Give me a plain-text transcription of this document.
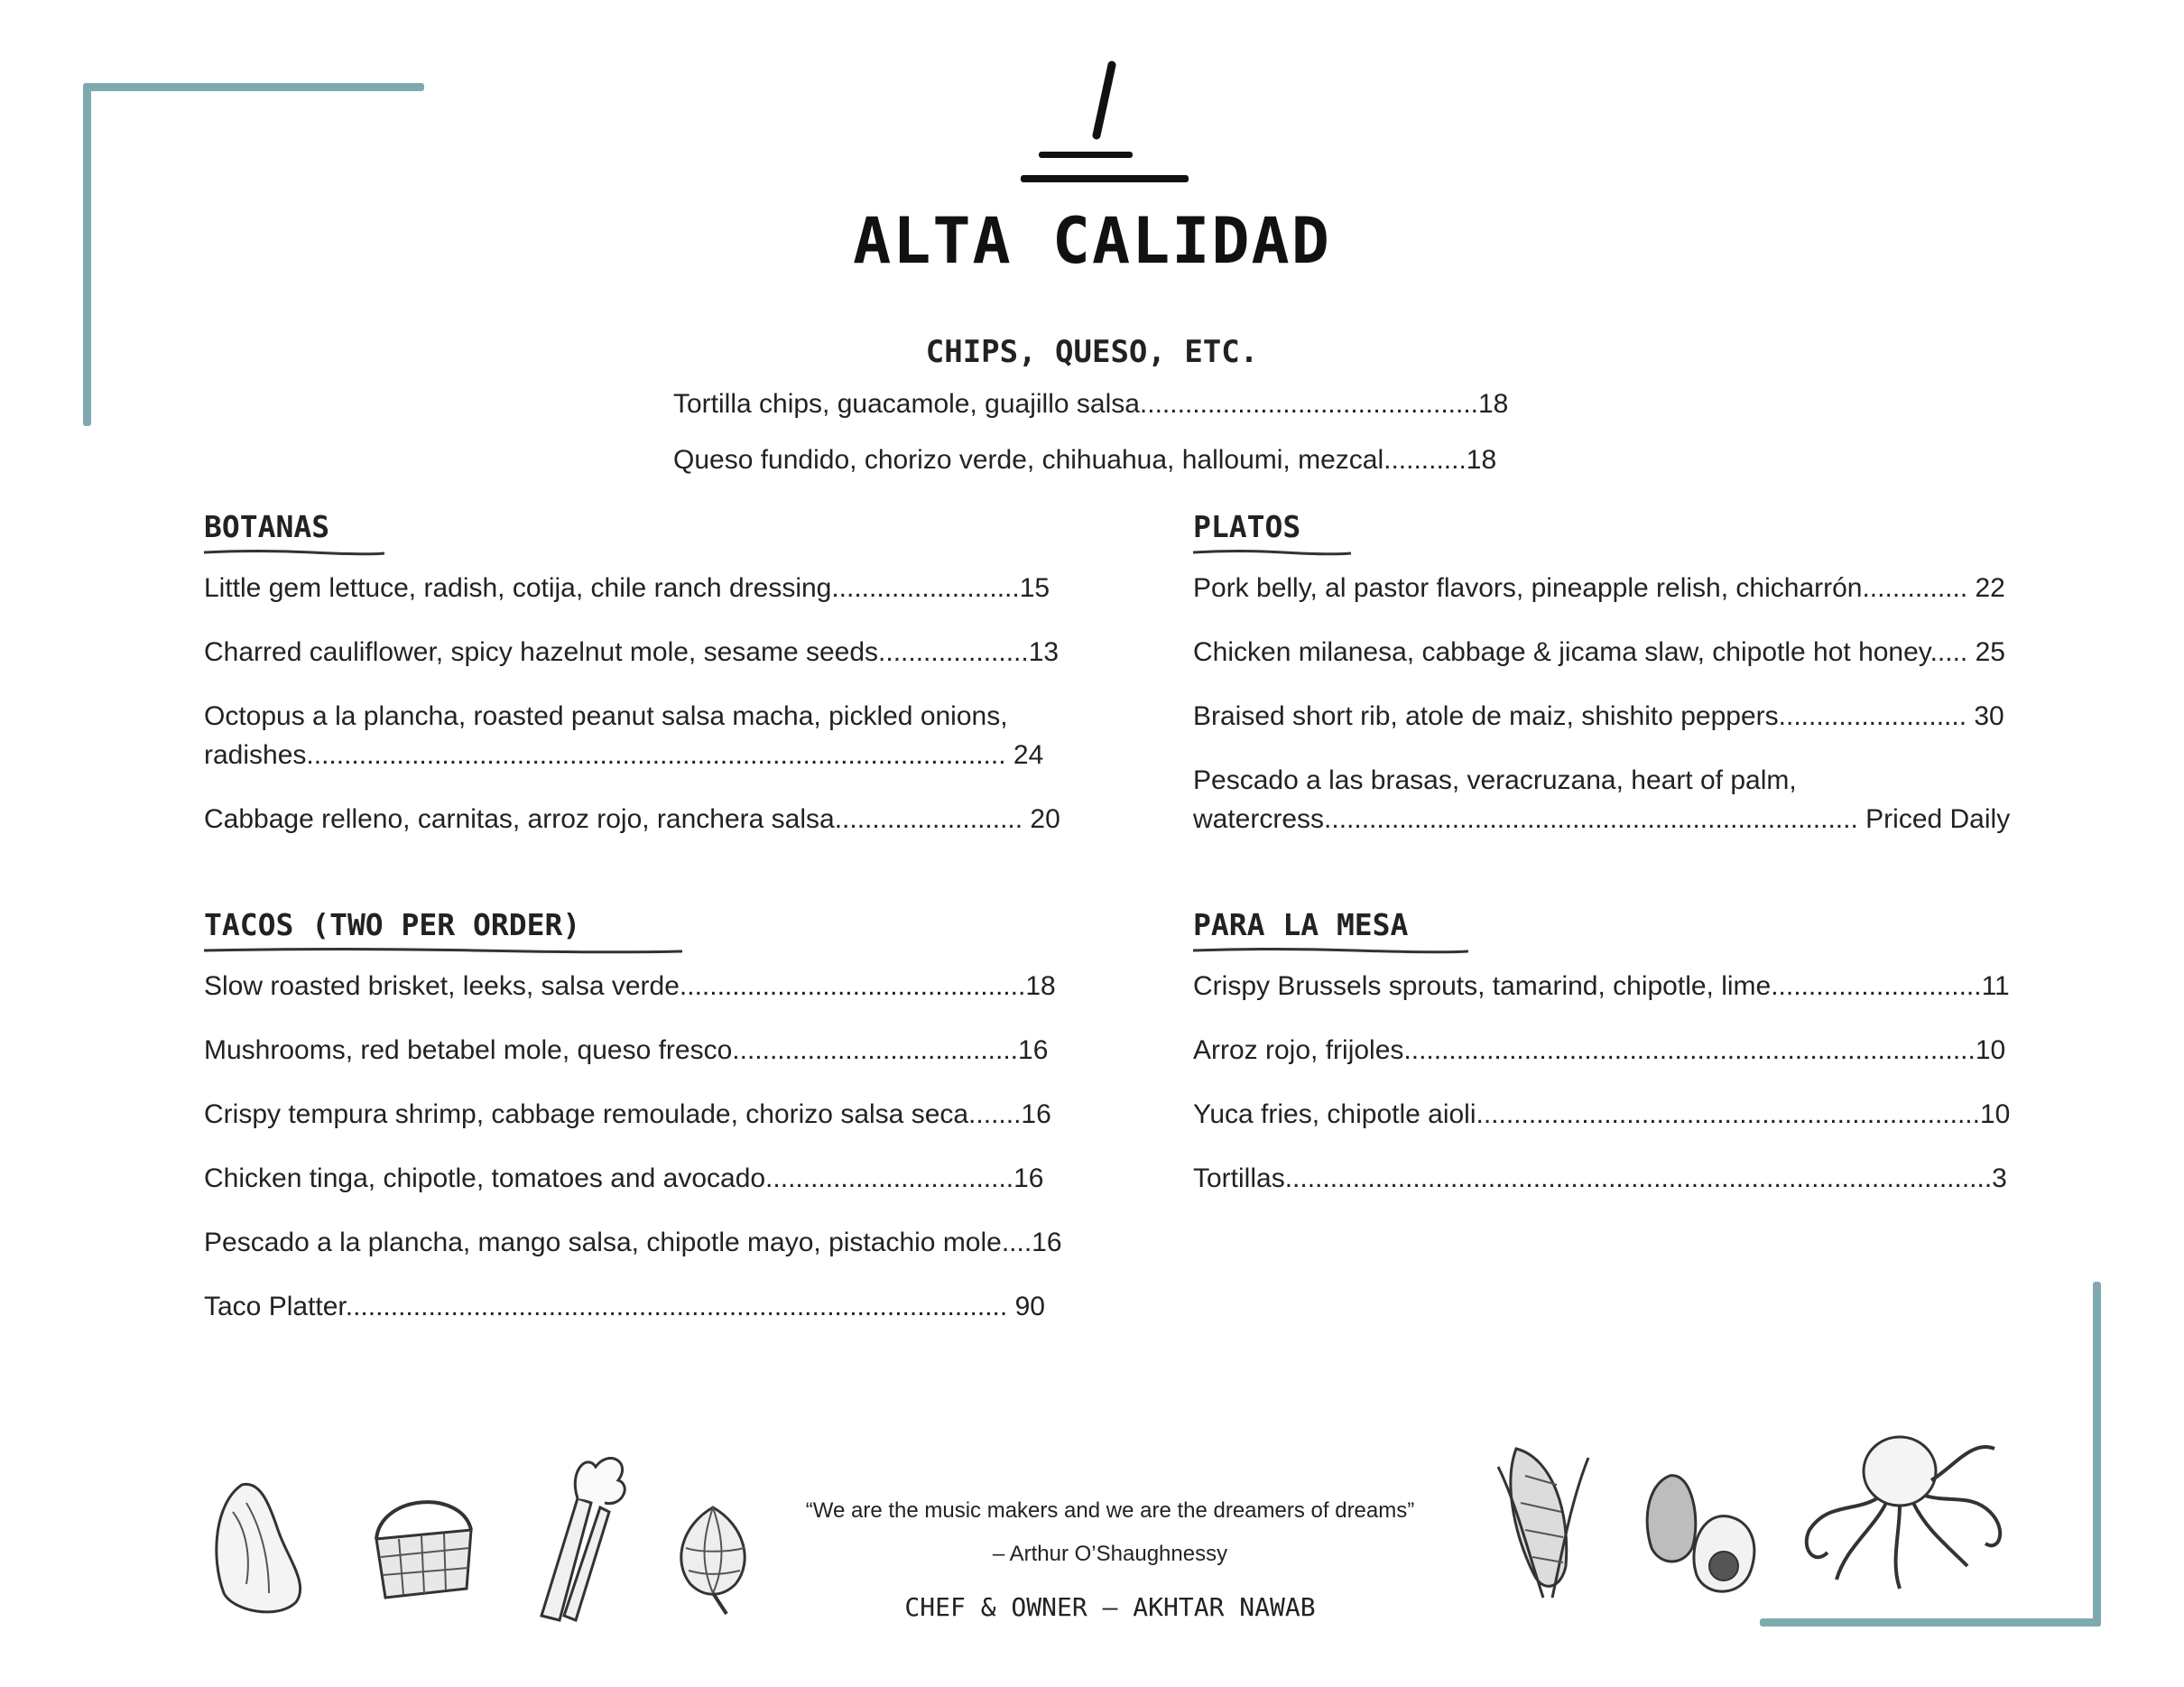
ALTA CALIDAD
CHIPS, QUESO, ETC.
Tortilla chips, guacamole, guajillo salsa.............................................18
Queso fundido, chorizo verde, chihuahua, halloumi, mezcal...........18
BOTANAS
Little gem lettuce, radish, cotija, chile ranch dressing.........................15
Charred cauliflower, spicy hazelnut mole, sesame seeds....................13
Octopus a la plancha, roasted peanut salsa macha, pickled onions, radishes............................................................................................. 24
Cabbage relleno, carnitas, arroz rojo, ranchera salsa......................... 20
TACOS (TWO PER ORDER)
Slow roasted brisket, leeks, salsa verde..............................................18
Mushrooms, red betabel mole, queso fresco......................................16
Crispy tempura shrimp, cabbage remoulade, chorizo salsa seca.......16
Chicken tinga, chipotle, tomatoes and avocado.................................16
Pescado a la plancha, mango salsa, chipotle mayo, pistachio mole....16
Taco Platter........................................................................................ 90
PLATOS
Pork belly, al pastor flavors, pineapple relish, chicharrón.............. 22
Chicken milanesa, cabbage & jicama slaw, chipotle hot honey..... 25
Braised short rib, atole de maiz, shishito peppers......................... 30
Pescado a las brasas, veracruzana, heart of palm, watercress....................................................................... Priced Daily
PARA LA MESA
Crispy Brussels sprouts, tamarind, chipotle, lime............................11
Arroz rojo, frijoles............................................................................10
Yuca fries, chipotle aioli...................................................................10
Tortillas..............................................................................................3

“We are the music makers and we are the dreamers of dreams”

– Arthur O’Shaughnessy

CHEF & OWNER – AKHTAR NAWAB
